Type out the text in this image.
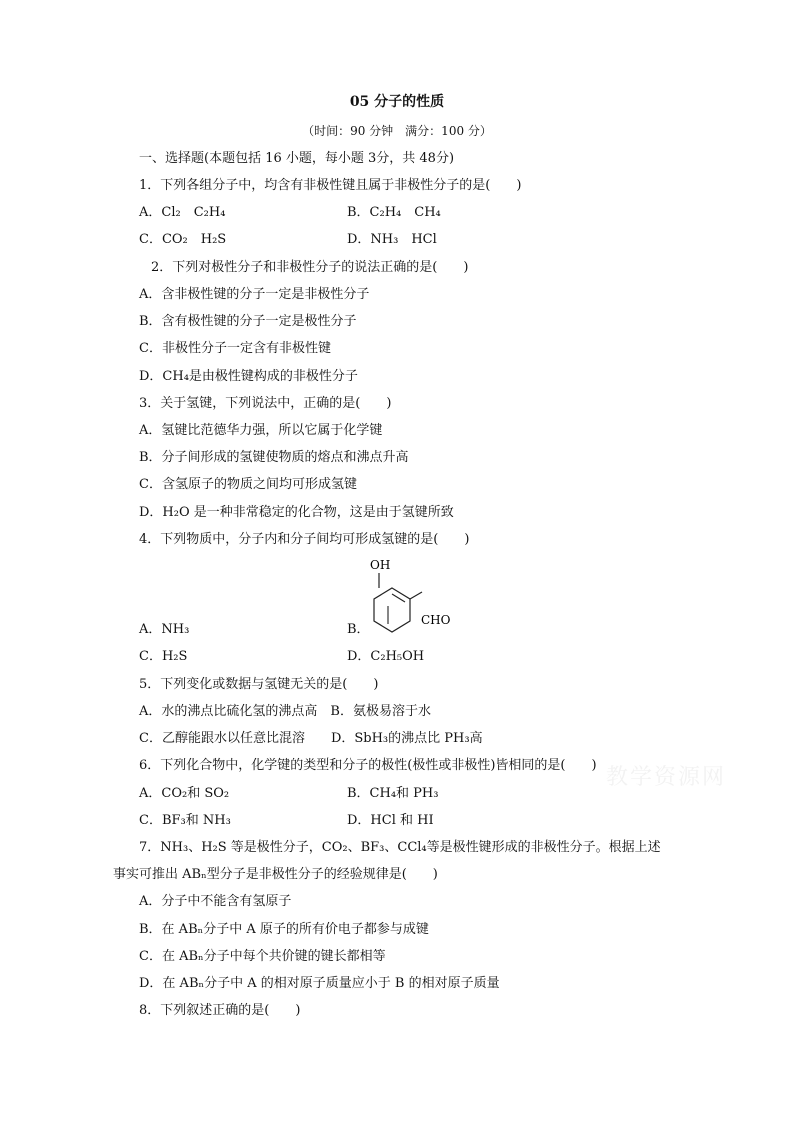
05 分子的性质
（时间：90 分钟　满分：100 分）
一、选择题(本题包括 16 小题，每小题 3分，共 48分)
1．下列各组分子中，均含有非极性键且属于非极性分子的是(　　)
A．Cl₂　C₂H₄	B．C₂H₄　CH₄
C．CO₂　H₂S	D．NH₃　HCl
2．下列对极性分子和非极性分子的说法正确的是(　　)
A．含非极性键的分子一定是非极性分子
B．含有极性键的分子一定是极性分子
C．非极性分子一定含有非极性键
D．CH₄是由极性键构成的非极性分子
3．关于氢键，下列说法中，正确的是(　　)
A．氢键比范德华力强，所以它属于化学键
B．分子间形成的氢键使物质的熔点和沸点升高
C．含氢原子的物质之间均可形成氢键
D．H₂O 是一种非常稳定的化合物，这是由于氢键所致
4．下列物质中，分子内和分子间均可形成氢键的是(　　)
OH
CHO
A．NH₃	B．
C．H₂S	D．C₂H₅OH
5．下列变化或数据与氢键无关的是(　　)
A．水的沸点比硫化氢的沸点高　B．氨极易溶于水
C．乙醇能跟水以任意比混溶　　D．SbH₃的沸点比 PH₃高
6．下列化合物中，化学键的类型和分子的极性(极性或非极性)皆相同的是(　　) 教学资源网
A．CO₂和 SO₂	B．CH₄和 PH₃
C．BF₃和 NH₃	D．HCl 和 HI
7．NH₃、H₂S 等是极性分子，CO₂、BF₃、CCl₄等是极性键形成的非极性分子。根据上述
事实可推出 ABₙ型分子是非极性分子的经验规律是(　　)
A．分子中不能含有氢原子
B．在 ABₙ分子中 A 原子的所有价电子都参与成键
C．在 ABₙ分子中每个共价键的键长都相等
D．在 ABₙ分子中 A 的相对原子质量应小于 B 的相对原子质量
8．下列叙述正确的是(　　)
